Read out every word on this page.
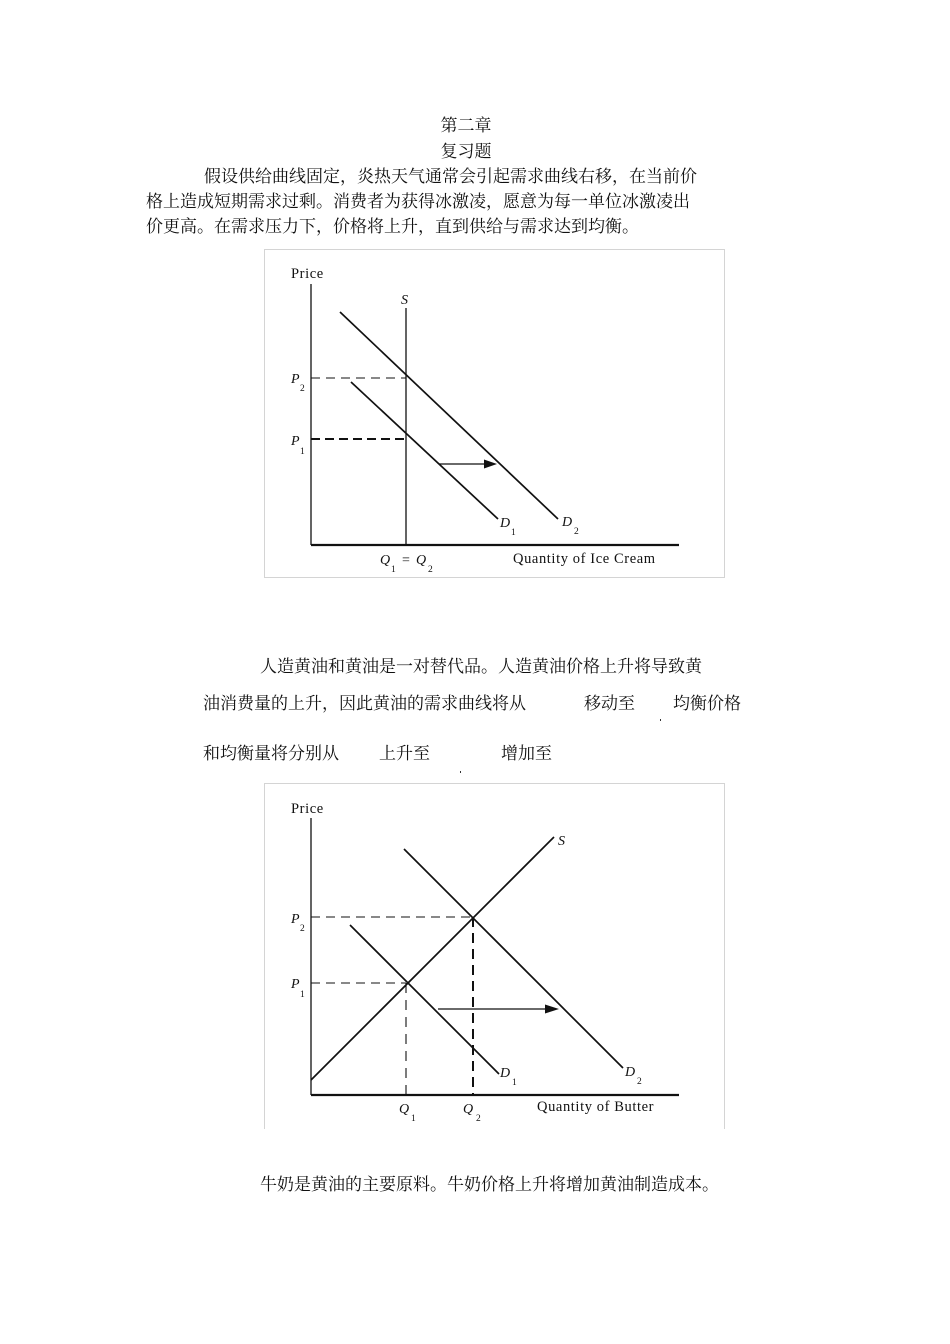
第二章
复习题
假设供给曲线固定，炎热天气通常会引起需求曲线右移，在当前价
格上造成短期需求过剩。消费者为获得冰激凌，愿意为每一单位冰激凌出
价更高。在需求压力下，价格将上升，直到供给与需求达到均衡。
Price
Quantity of Ice Cream
S
P
2
P
1
D
1
D
2
Q
1
= Q
2
人造黄油和黄油是一对替代品。人造黄油价格上升将导致黄
油消费量的上升，因此黄油的需求曲线将从	移动至 均衡价格
和均衡量将分别从 上升至	增加至
Price
Quantity of Butter
S
P
2
P
1
D
1
D
2
Q
1
Q
2
牛奶是黄油的主要原料。牛奶价格上升将增加黄油制造成本。
